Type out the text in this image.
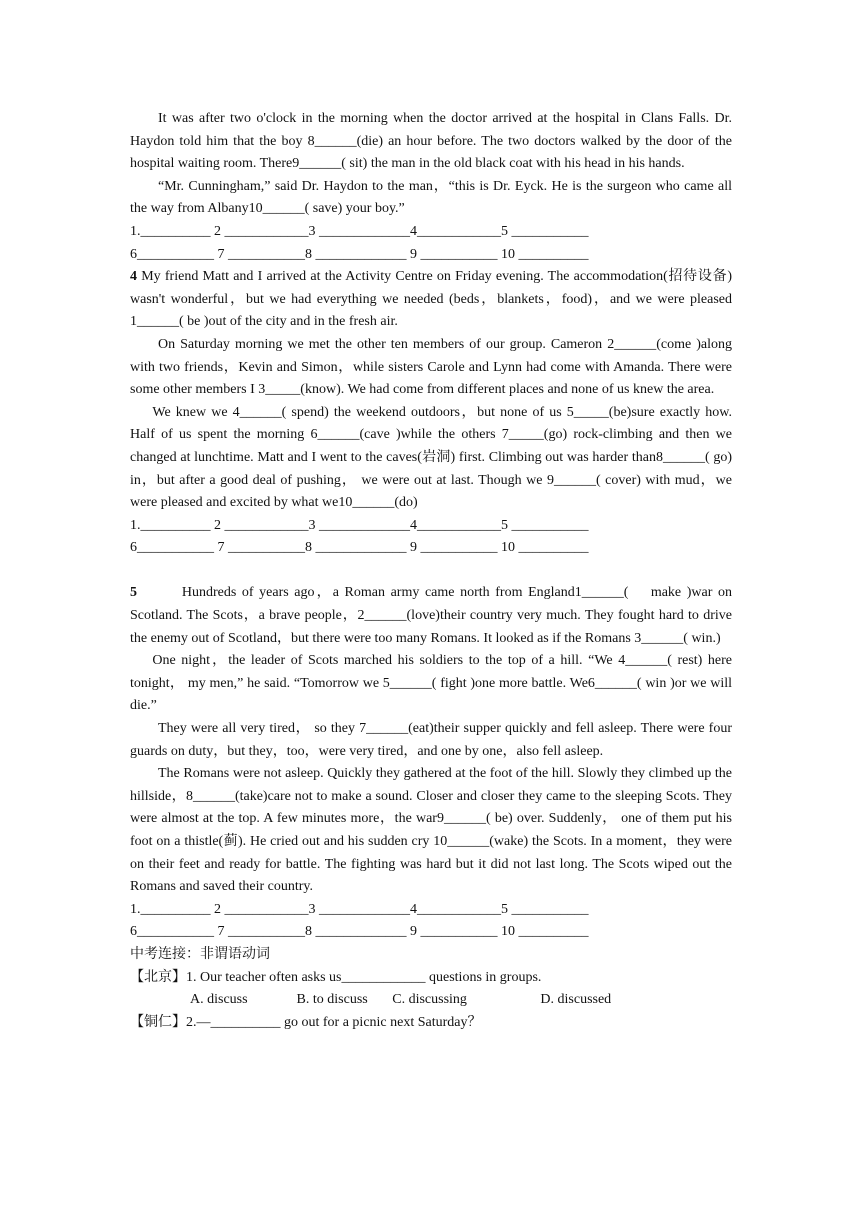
It was after two o'clock in the morning when the doctor arrived at the hospital in Clans Falls. Dr. Haydon told him that the boy 8______(die) an hour before. The two doctors walked by the door of the hospital waiting room. There9______( sit) the man in the old black coat with his head in his hands.

“Mr. Cunningham,” said Dr. Haydon to the man，“this is Dr. Eyck. He is the surgeon who came all the way from Albany10______( save) your boy.”

1.__________ 2 ____________3 _____________4____________5 ___________

6___________ 7 ___________8 _____________ 9 ___________ 10 __________

4 My friend Matt and I arrived at the Activity Centre on Friday evening. The accommodation(招待设备) wasn't wonderful，but we had everything we needed (beds，blankets，food)，and we were pleased 1______( be )out of the city and in the fresh air.

On Saturday morning we met the other ten members of our group. Cameron 2______(come )along with two friends，Kevin and Simon，while sisters Carole and Lynn had come with Amanda. There were some other members I 3_____(know). We had come from different places and none of us knew the area.

We knew we 4______( spend) the weekend outdoors，but none of us 5_____(be)sure exactly how. Half of us spent the morning 6______(cave )while the others 7_____(go) rock-climbing and then we changed at lunchtime. Matt and I went to the caves(岩洞) first. Climbing out was harder than8______( go) in，but after a good deal of pushing， we were out at last. Though we 9______( cover) with mud，we were pleased and excited by what we10______(do)

1.__________ 2 ____________3 _____________4____________5 ___________

6___________ 7 ___________8 _____________ 9 ___________ 10 __________

5        Hundreds of years ago，a Roman army came north from England1______(    make )war on Scotland. The Scots，a brave people，2______(love)their country very much. They fought hard to drive the enemy out of Scotland，but there were too many Romans. It looked as if the Romans 3______( win.)

One night，the leader of Scots marched his soldiers to the top of a hill. “We 4______( rest) here tonight， my men,” he said. “Tomorrow we 5______( fight )one more battle. We6______( win )or we will die.”

They were all very tired， so they 7______(eat)their supper quickly and fell asleep. There were four guards on duty，but they，too，were very tired，and one by one，also fell asleep.

The Romans were not asleep. Quickly they gathered at the foot of the hill. Slowly they climbed up the hillside，8______(take)care not to make a sound. Closer and closer they came to the sleeping Scots. They were almost at the top. A few minutes more，the war9______( be) over. Suddenly， one of them put his foot on a thistle(蓟). He cried out and his sudden cry 10______(wake) the Scots. In a moment，they were on their feet and ready for battle. The fighting was hard but it did not last long. The Scots wiped out the Romans and saved their country.

1.__________ 2 ____________3 _____________4____________5 ___________

6___________ 7 ___________8 _____________ 9 ___________ 10 __________

中考连接：非谓语动词

【北京】1. Our teacher often asks us____________ questions in groups.

A. discuss              B. to discuss       C. discussing                     D. discussed

【铜仁】2.—__________ go out for a picnic next Saturday？
